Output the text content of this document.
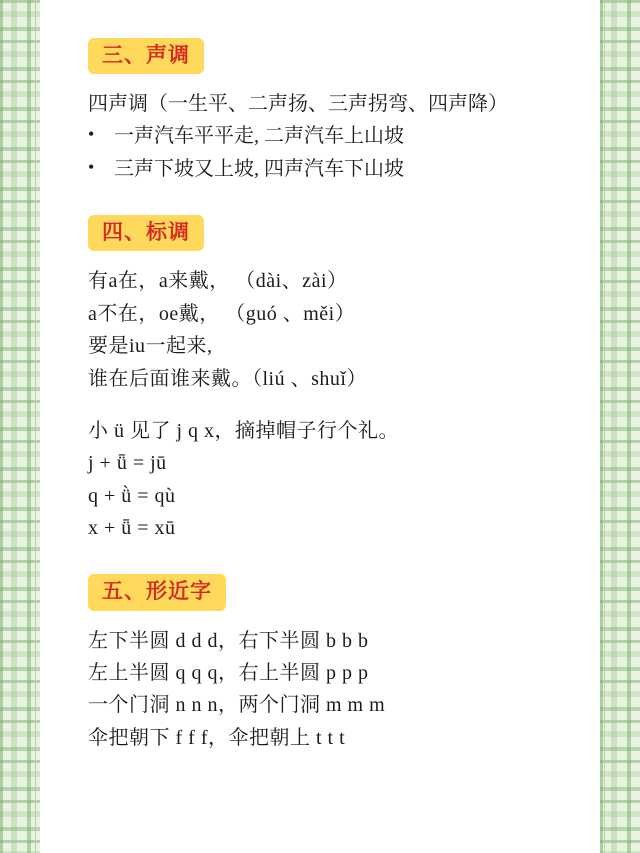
三、声调
四声调（一生平、二声扬、三声拐弯、四声降）
• 一声汽车平平走, 二声汽车上山坡
• 三声下坡又上坡, 四声汽车下山坡
四、标调
有a在，a来戴， （dài、zài）
a不在，oe戴， （guó 、měi）
要是iu一起来,
谁在后面谁来戴。（liú 、shuǐ）
小 ü 见了 j q x，摘掉帽子行个礼。
j + ǖ = jū
q + ǜ = qù
x + ǖ = xū
五、形近字
左下半圆 d d d，右下半圆 b b b
左上半圆 q q q，右上半圆 p p p
一个门洞 n n n，两个门洞 m m m
伞把朝下 f f f，伞把朝上 t t t
